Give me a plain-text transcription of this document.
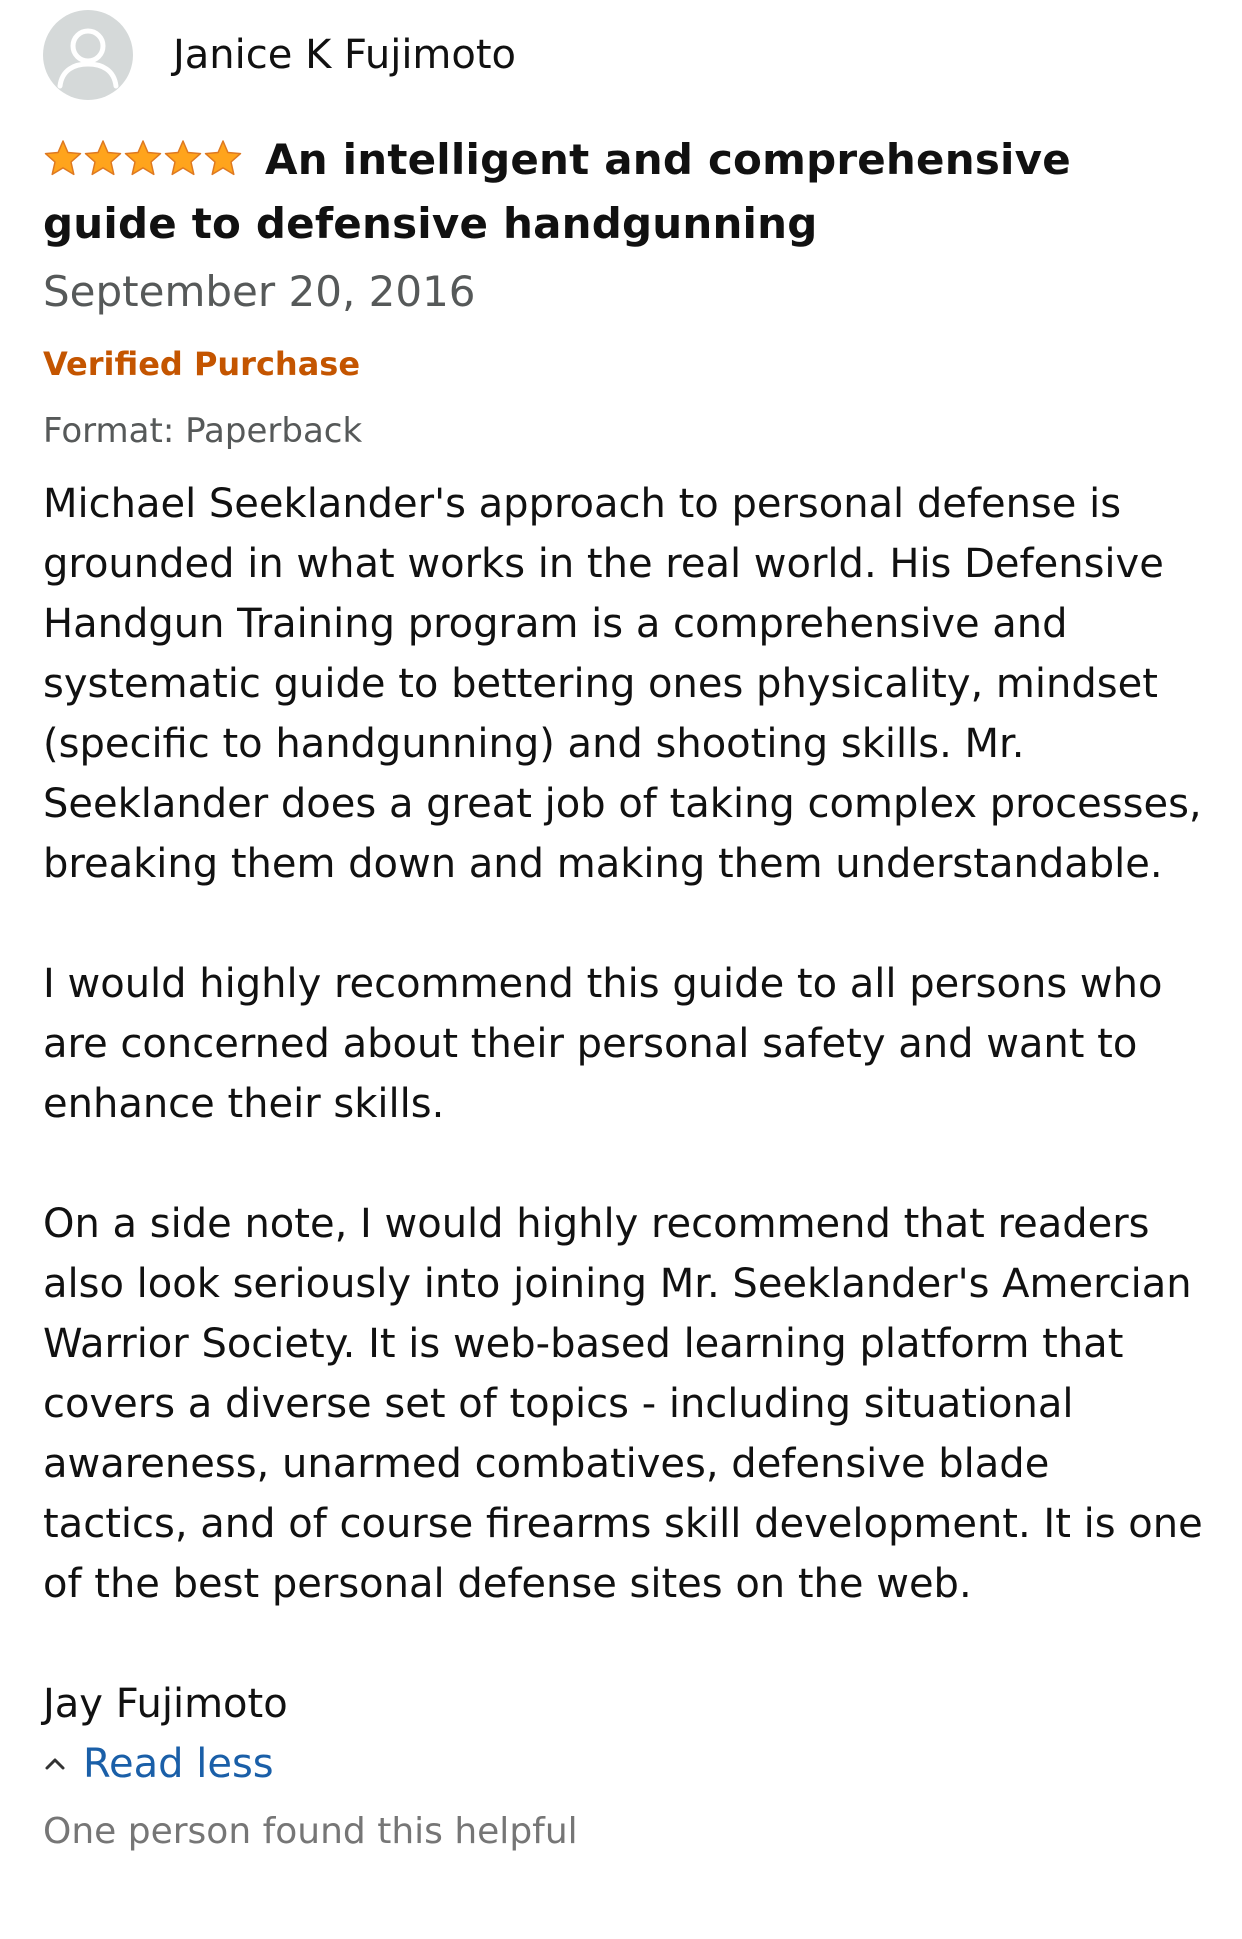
Janice K Fujimoto
An intelligent and comprehensive guide to defensive handgunning
September 20, 2016
Verified Purchase
Format: Paperback

Michael Seeklander's approach to personal defense is grounded in what works in the real world. His Defensive Handgun Training program is a comprehensive and systematic guide to bettering ones physicality, mindset (specific to handgunning) and shooting skills. Mr. Seeklander does a great job of taking complex processes, breaking them down and making them understandable.

I would highly recommend this guide to all persons who are concerned about their personal safety and want to enhance their skills.

On a side note, I would highly recommend that readers also look seriously into joining Mr. Seeklander's Amercian Warrior Society. It is web-based learning platform that covers a diverse set of topics - including situational awareness, unarmed combatives, defensive blade tactics, and of course firearms skill development. It is one of the best personal defense sites on the web.

Jay Fujimoto
Read less
One person found this helpful
